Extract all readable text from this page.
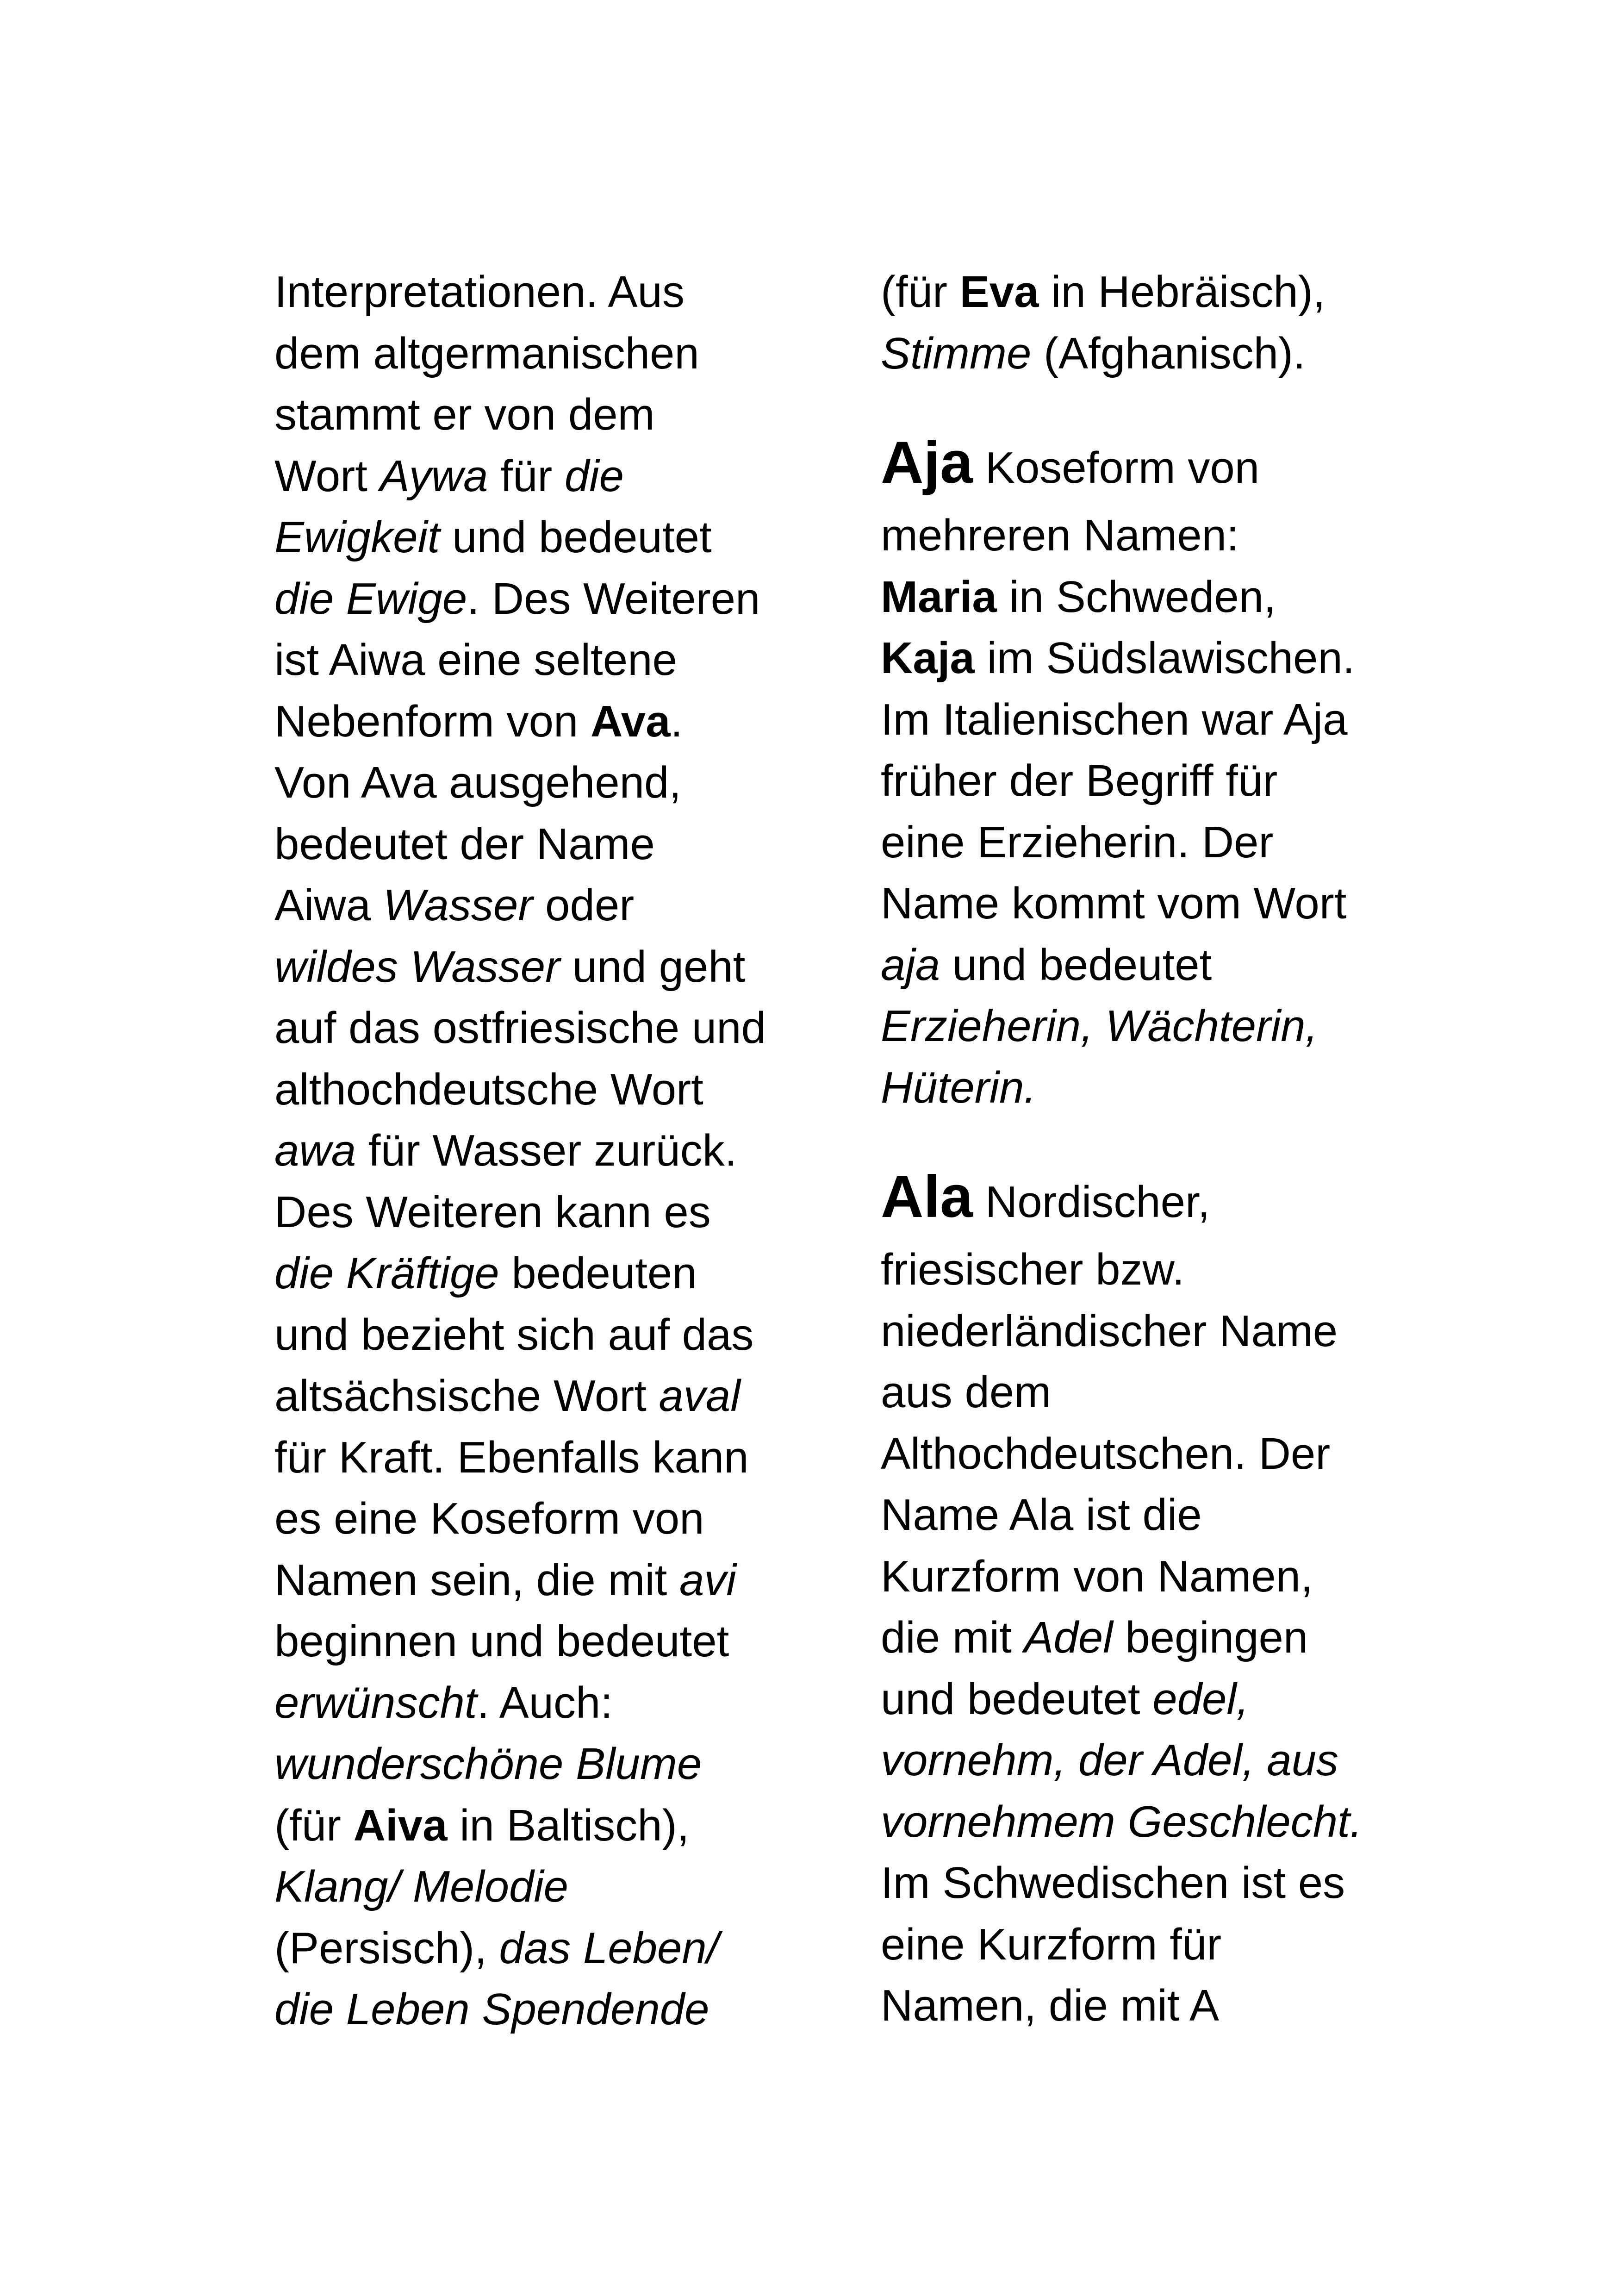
Interpretationen. Aus
dem altgermanischen
stammt er von dem
Wort Aywa für die
Ewigkeit und bedeutet
die Ewige. Des Weiteren
ist Aiwa eine seltene
Nebenform von Ava.
Von Ava ausgehend,
bedeutet der Name
Aiwa Wasser oder
wildes Wasser und geht
auf das ostfriesische und
althochdeutsche Wort
awa für Wasser zurück.
Des Weiteren kann es
die Kräftige bedeuten
und bezieht sich auf das
altsächsische Wort aval
für Kraft. Ebenfalls kann
es eine Koseform von
Namen sein, die mit avi
beginnen und bedeutet
erwünscht. Auch:
wunderschöne Blume
(für Aiva in Baltisch),
Klang/ Melodie
(Persisch), das Leben/
die Leben Spendende
(für Eva in Hebräisch),
Stimme (Afghanisch).
Aja Koseform von
mehreren Namen:
Maria in Schweden,
Kaja im Südslawischen.
Im Italienischen war Aja
früher der Begriff für
eine Erzieherin. Der
Name kommt vom Wort
aja und bedeutet
Erzieherin, Wächterin,
Hüterin.
Ala Nordischer,
friesischer bzw.
niederländischer Name
aus dem
Althochdeutschen. Der
Name Ala ist die
Kurzform von Namen,
die mit Adel begingen
und bedeutet edel,
vornehm, der Adel, aus
vornehmem Geschlecht.
Im Schwedischen ist es
eine Kurzform für
Namen, die mit A
